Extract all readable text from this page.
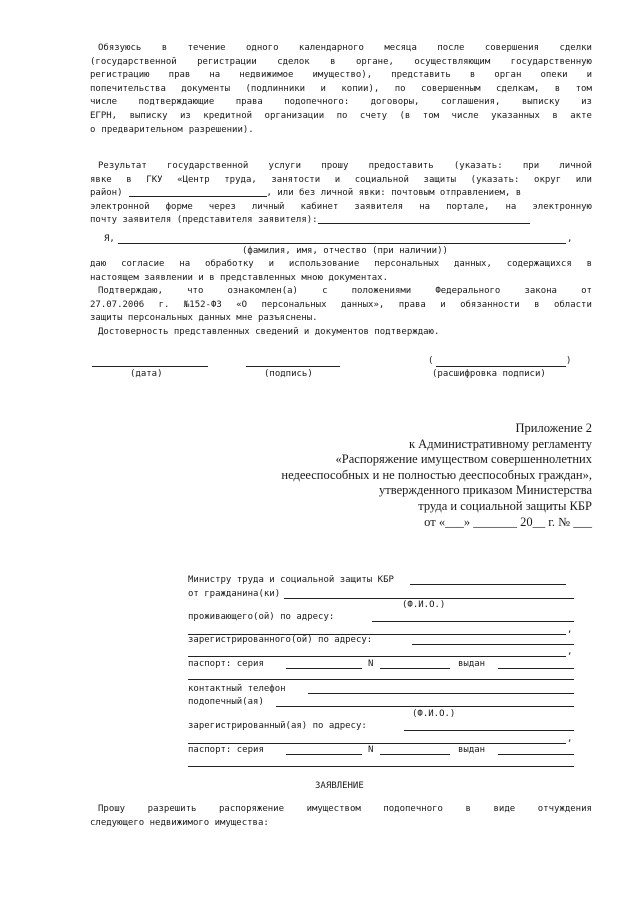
Обязуюсь в течение одного календарного месяца после совершения сделки
(государственной регистрации сделок в органе, осуществляющим государственную
регистрацию прав на недвижимое имущество), представить в орган опеки и
попечительства документы (подлинники и копии), по совершенным сделкам, в том
числе подтверждающие права подопечного: договоры, соглашения, выписку из
ЕГРН, выписку из кредитной организации по счету (в том числе указанных в акте
о предварительном разрешении).
Результат государственной услуги прошу предоставить (указать: при личной
явке в ГКУ «Центр труда, занятости и социальной защиты (указать: округ или
район)	, или без личной явки: почтовым отправлением, в
электронной форме через личный кабинет заявителя на портале, на электронную
почту заявителя (представителя заявителя):
Я,	,
(фамилия, имя, отчество (при наличии))
даю согласие на обработку и использование персональных данных, содержащихся в
настоящем заявлении и в представленных мною документах.
Подтверждаю,	что	ознакомлен(а)	с	положениями	Федерального	закона	от
27.07.2006 г. №152-ФЗ «О персональных данных», права и обязанности в области
защиты персональных данных мне разъяснены.
Достоверность представленных сведений и документов подтверждаю.
(дата)	(подпись)
(	)
(расшифровка подписи)
Приложение 2
к Административному регламенту
«Распоряжение имуществом совершеннолетних
недееспособных и не полностью дееспособных граждан»,
утвержденного приказом Министерства
труда и социальной защиты КБР
от «___» _______ 20__ г. № ___
Министру труда и социальной защиты КБР
от гражданина(ки)
(Ф.И.О.)
проживающего(ой) по адресу:
,
зарегистрированного(ой) по адресу:
,
паспорт: серия	N	выдан
контактный телефон
подопечный(ая)
(Ф.И.О.)
зарегистрированный(ая) по адресу:
,
паспорт: серия	N	выдан
ЗАЯВЛЕНИЕ
Прошу	разрешить	распоряжение	имуществом	подопечного	в	виде	отчуждения
следующего недвижимого имущества:
